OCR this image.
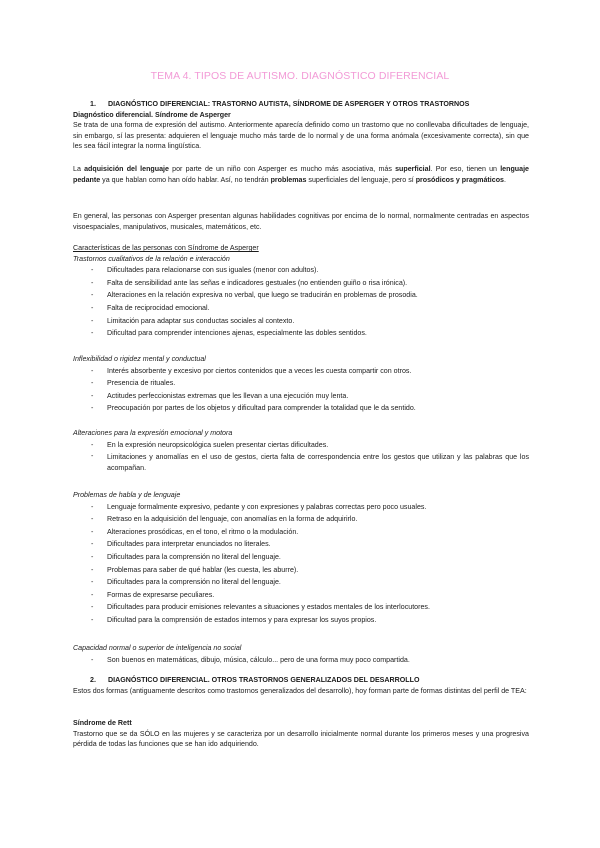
TEMA 4. TIPOS DE AUTISMO. DIAGNÓSTICO DIFERENCIAL
1. DIAGNÓSTICO DIFERENCIAL: TRASTORNO AUTISTA, SÍNDROME DE ASPERGER Y OTROS TRASTORNOS
Diagnóstico diferencial. Síndrome de Asperger
Se trata de una forma de expresión del autismo. Anteriormente aparecía definido como un trastorno que no conllevaba dificultades de lenguaje, sin embargo, sí las presenta: adquieren el lenguaje mucho más tarde de lo normal y de una forma anómala (excesivamente correcta), sin que les sea fácil integrar la norma lingüística.
La adquisición del lenguaje por parte de un niño con Asperger es mucho más asociativa, más superficial. Por eso, tienen un lenguaje pedante ya que hablan como han oído hablar. Así, no tendrán problemas superficiales del lenguaje, pero sí prosódicos y pragmáticos.
En general, las personas con Asperger presentan algunas habilidades cognitivas por encima de lo normal, normalmente centradas en aspectos visoespaciales, manipulativos, musicales, matemáticos, etc.
Características de las personas con Síndrome de Asperger
Trastornos cualitativos de la relación e interacción
- Dificultades para relacionarse con sus iguales (menor con adultos).
- Falta de sensibilidad ante las señas e indicadores gestuales (no entienden guiño o risa irónica).
- Alteraciones en la relación expresiva no verbal, que luego se traducirán en problemas de prosodia.
- Falta de reciprocidad emocional.
- Limitación para adaptar sus conductas sociales al contexto.
- Dificultad para comprender intenciones ajenas, especialmente las dobles sentidos.
Inflexibilidad o rigidez mental y conductual
- Interés absorbente y excesivo por ciertos contenidos que a veces les cuesta compartir con otros.
- Presencia de rituales.
- Actitudes perfeccionistas extremas que les llevan a una ejecución muy lenta.
- Preocupación por partes de los objetos y dificultad para comprender la totalidad que le da sentido.
Alteraciones para la expresión emocional y motora
- En la expresión neuropsicológica suelen presentar ciertas dificultades.
- Limitaciones y anomalías en el uso de gestos, cierta falta de correspondencia entre los gestos que utilizan y las palabras que los acompañan.
Problemas de habla y de lenguaje
- Lenguaje formalmente expresivo, pedante y con expresiones y palabras correctas pero poco usuales.
- Retraso en la adquisición del lenguaje, con anomalías en la forma de adquirirlo.
- Alteraciones prosódicas, en el tono, el ritmo o la modulación.
- Dificultades para interpretar enunciados no literales.
- Dificultades para la comprensión no literal del lenguaje.
- Problemas para saber de qué hablar (les cuesta, les aburre).
- Dificultades para la comprensión no literal del lenguaje.
- Formas de expresarse peculiares.
- Dificultades para producir emisiones relevantes a situaciones y estados mentales de los interlocutores.
- Dificultad para la comprensión de estados internos y para expresar los suyos propios.
Capacidad normal o superior de inteligencia no social
- Son buenos en matemáticas, dibujo, música, cálculo... pero de una forma muy poco compartida.
2. DIAGNÓSTICO DIFERENCIAL. OTROS TRASTORNOS GENERALIZADOS DEL DESARROLLO
Estos dos formas (antiguamente descritos como trastornos generalizados del desarrollo), hoy forman parte de formas distintas del perfil de TEA:
Síndrome de Rett
Trastorno que se da SÓLO en las mujeres y se caracteriza por un desarrollo inicialmente normal durante los primeros meses y una progresiva pérdida de todas las funciones que se han ido adquiriendo.
